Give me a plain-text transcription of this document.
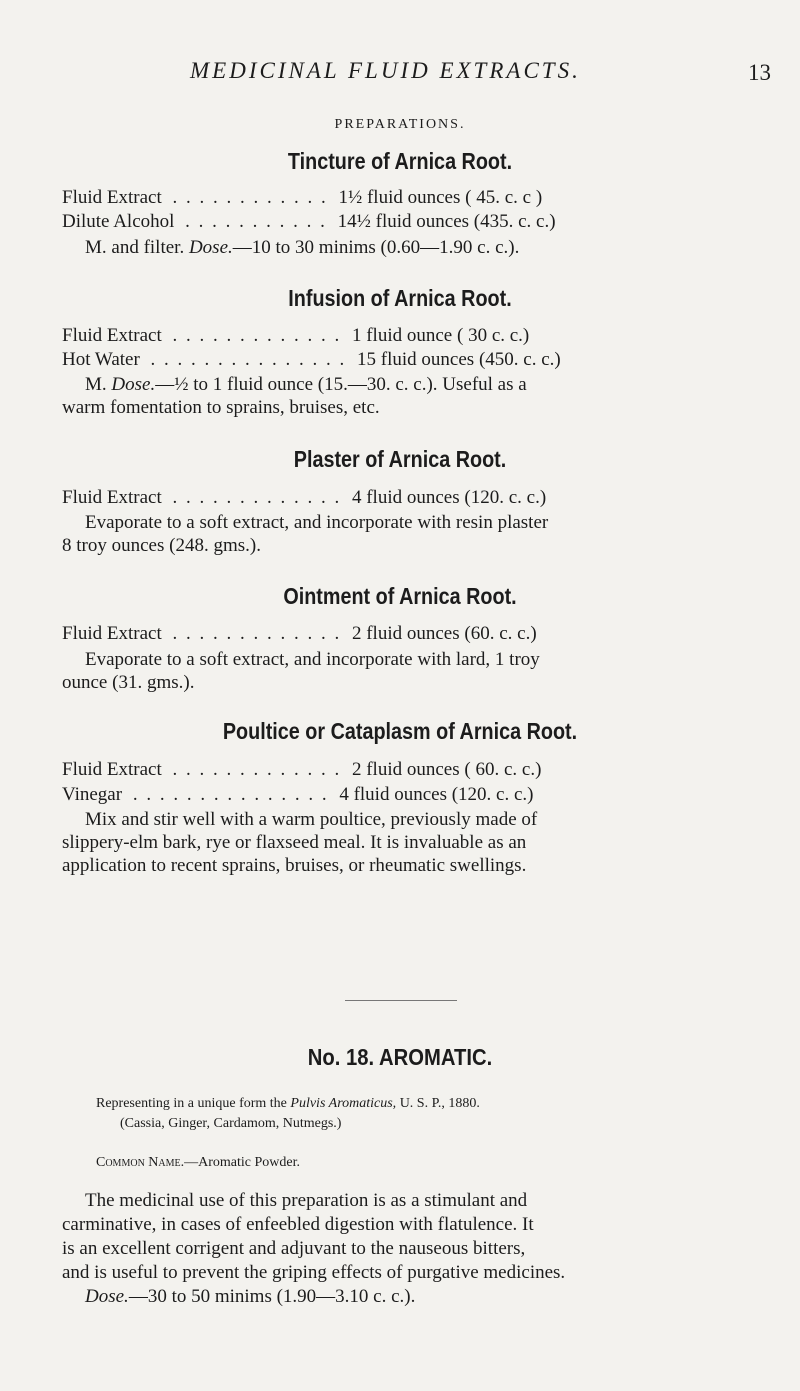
MEDICINAL FLUID EXTRACTS.	13
PREPARATIONS.
Tincture of Arnica Root.
Fluid Extract . . . . . . . . . . . . 1½ fluid ounces ( 45. c. c )
Dilute Alcohol . . . . . . . . . . . 14½ fluid ounces (435. c. c.)
M. and filter. Dose.—10 to 30 minims (0.60—1.90 c. c.).
Infusion of Arnica Root.
Fluid Extract . . . . . . . . . . . . . 1 fluid ounce ( 30 c. c.)
Hot Water . . . . . . . . . . . . . . . 15 fluid ounces (450. c. c.)
M. Dose.—½ to 1 fluid ounce (15.—30. c. c.). Useful as a
warm fomentation to sprains, bruises, etc.
Plaster of Arnica Root.
Fluid Extract . . . . . . . . . . . . . 4 fluid ounces (120. c. c.)
Evaporate to a soft extract, and incorporate with resin plaster
8 troy ounces (248. gms.).
Ointment of Arnica Root.
Fluid Extract . . . . . . . . . . . . . 2 fluid ounces (60. c. c.)
Evaporate to a soft extract, and incorporate with lard, 1 troy
ounce (31. gms.).
Poultice or Cataplasm of Arnica Root.
Fluid Extract . . . . . . . . . . . . . 2 fluid ounces ( 60. c. c.)
Vinegar . . . . . . . . . . . . . . . 4 fluid ounces (120. c. c.)
Mix and stir well with a warm poultice, previously made of
slippery-elm bark, rye or flaxseed meal. It is invaluable as an
application to recent sprains, bruises, or rheumatic swellings.
No. 18. AROMATIC.
Representing in a unique form the Pulvis Aromaticus, U. S. P., 1880.
(Cassia, Ginger, Cardamom, Nutmegs.)
Common Name.—Aromatic Powder.
The medicinal use of this preparation is as a stimulant and
carminative, in cases of enfeebled digestion with flatulence. It
is an excellent corrigent and adjuvant to the nauseous bitters,
and is useful to prevent the griping effects of purgative medicines.
Dose.—30 to 50 minims (1.90—3.10 c. c.).
